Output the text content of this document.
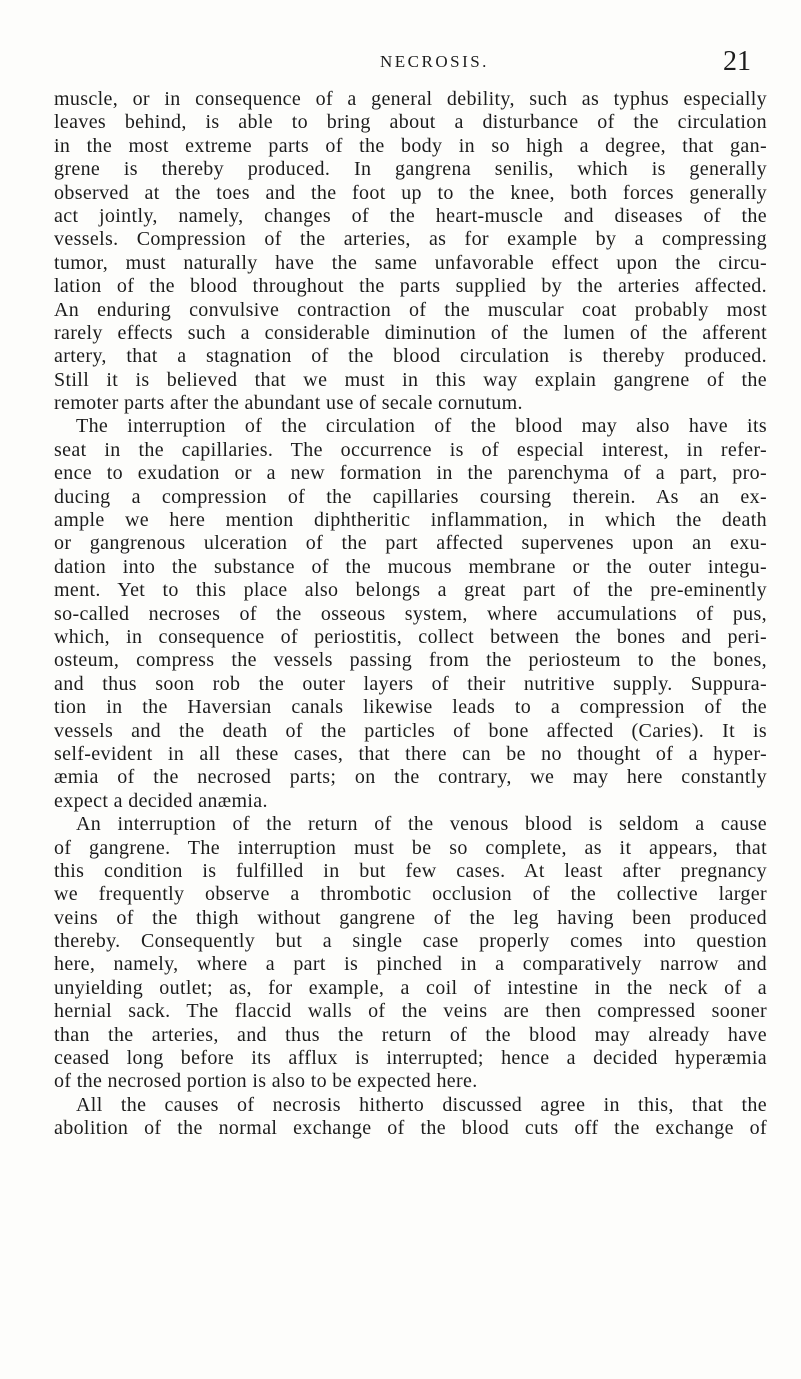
NECROSIS.	21
muscle, or in consequence of a general debility, such as typhus especially
leaves behind, is able to bring about a disturbance of the circulation
in the most extreme parts of the body in so high a degree, that gan-
grene is thereby produced. In gangrena senilis, which is generally
observed at the toes and the foot up to the knee, both forces generally
act jointly, namely, changes of the heart-muscle and diseases of the
vessels. Compression of the arteries, as for example by a compressing
tumor, must naturally have the same unfavorable effect upon the circu-
lation of the blood throughout the parts supplied by the arteries affected.
An enduring convulsive contraction of the muscular coat probably most
rarely effects such a considerable diminution of the lumen of the afferent
artery, that a stagnation of the blood circulation is thereby produced.
Still it is believed that we must in this way explain gangrene of the
remoter parts after the abundant use of secale cornutum.
The interruption of the circulation of the blood may also have its
seat in the capillaries. The occurrence is of especial interest, in refer-
ence to exudation or a new formation in the parenchyma of a part, pro-
ducing a compression of the capillaries coursing therein. As an ex-
ample we here mention diphtheritic inflammation, in which the death
or gangrenous ulceration of the part affected supervenes upon an exu-
dation into the substance of the mucous membrane or the outer integu-
ment. Yet to this place also belongs a great part of the pre-eminently
so-called necroses of the osseous system, where accumulations of pus,
which, in consequence of periostitis, collect between the bones and peri-
osteum, compress the vessels passing from the periosteum to the bones,
and thus soon rob the outer layers of their nutritive supply. Suppura-
tion in the Haversian canals likewise leads to a compression of the
vessels and the death of the particles of bone affected (Caries). It is
self-evident in all these cases, that there can be no thought of a hyper-
æmia of the necrosed parts; on the contrary, we may here constantly
expect a decided anæmia.
An interruption of the return of the venous blood is seldom a cause
of gangrene. The interruption must be so complete, as it appears, that
this condition is fulfilled in but few cases. At least after pregnancy
we frequently observe a thrombotic occlusion of the collective larger
veins of the thigh without gangrene of the leg having been produced
thereby. Consequently but a single case properly comes into question
here, namely, where a part is pinched in a comparatively narrow and
unyielding outlet; as, for example, a coil of intestine in the neck of a
hernial sack. The flaccid walls of the veins are then compressed sooner
than the arteries, and thus the return of the blood may already have
ceased long before its afflux is interrupted; hence a decided hyperæmia
of the necrosed portion is also to be expected here.
All the causes of necrosis hitherto discussed agree in this, that the
abolition of the normal exchange of the blood cuts off the exchange of
